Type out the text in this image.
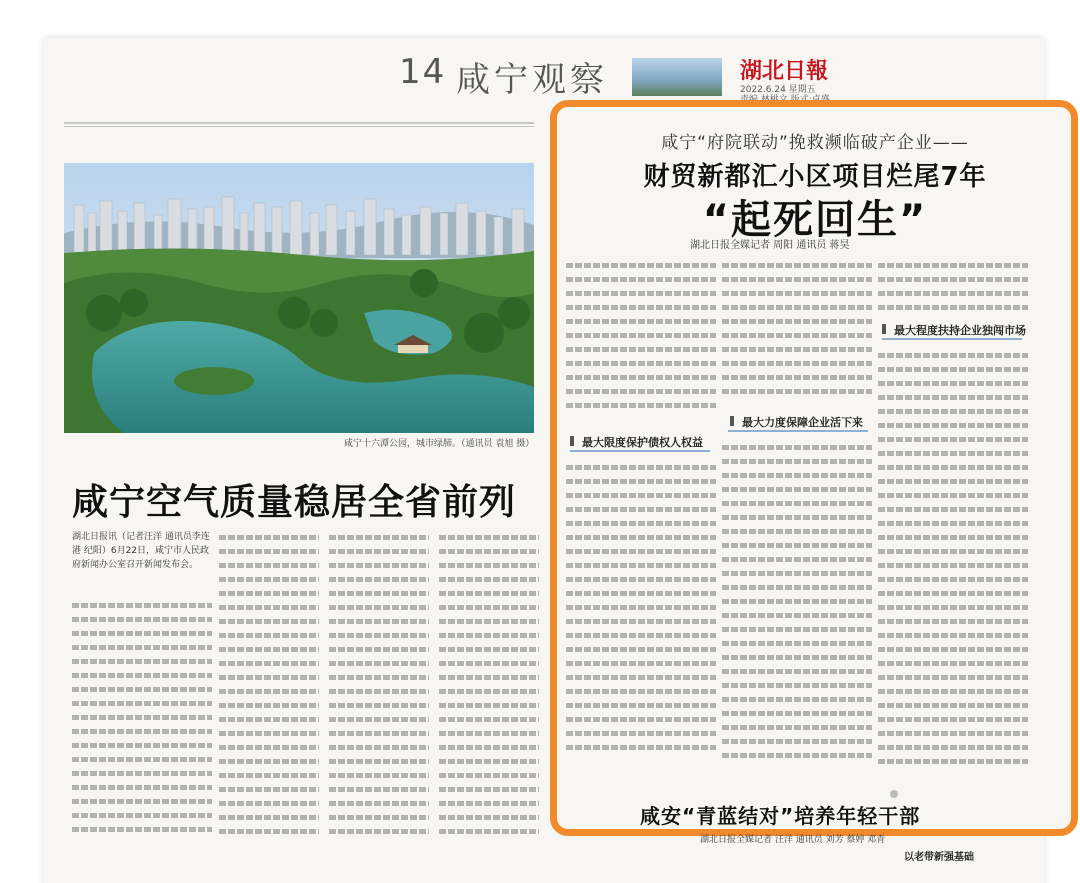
14 咸宁观察	湖北日報
2022.6.24 星期五
咸宁十六潭公园，城市绿肺。（通讯员 袁旭 摄）
咸宁空气质量稳居全省前列
湖北日报讯（记者汪洋 通讯员李连港 纪阳）6月22日，咸宁市人民政府新闻办公室召开新闻发布会。
咸宁“府院联动”挽救濒临破产企业——
财贸新都汇小区项目烂尾7年
“起死回生”
湖北日报全媒记者 周阳 通讯员 蒋昊
最大限度保护债权人权益
最大力度保障企业活下来
最大程度扶持企业独闯市场
咸安“青蓝结对”培养年轻干部
湖北日报全媒记者 汪洋 通讯员 刘芳 蔡婷 邓青
以老带新强基础
